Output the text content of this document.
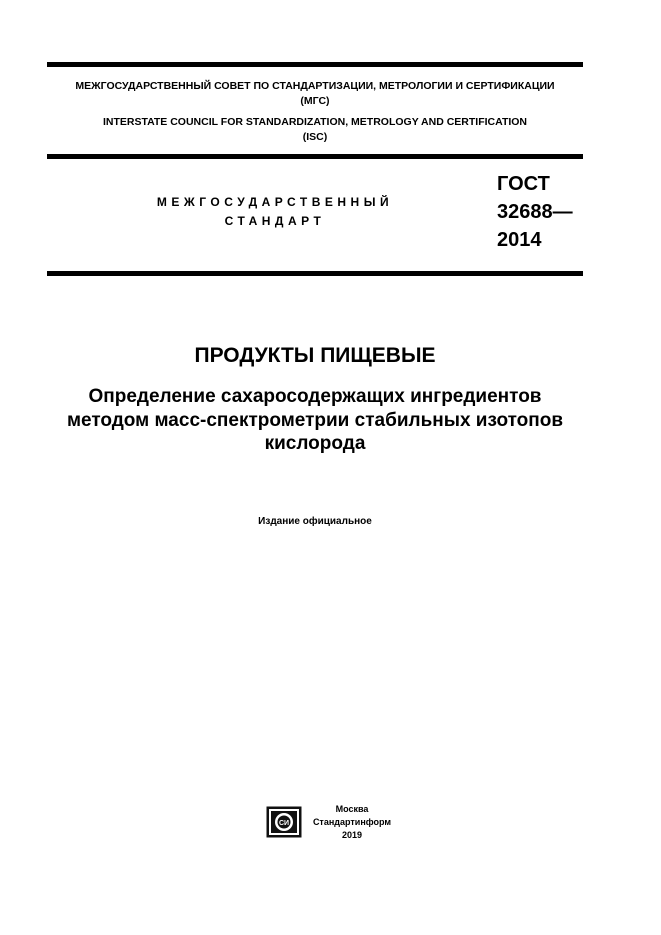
МЕЖГОСУДАРСТВЕННЫЙ СОВЕТ ПО СТАНДАРТИЗАЦИИ, МЕТРОЛОГИИ И СЕРТИФИКАЦИИ
(МГС)
INTERSTATE COUNCIL FOR STANDARDIZATION, METROLOGY AND CERTIFICATION
(ISC)
МЕЖГОСУДАРСТВЕННЫЙ
СТАНДАРТ
ГОСТ
32688—
2014
ПРОДУКТЫ ПИЩЕВЫЕ
Определение сахаросодержащих ингредиентов
методом масс-спектрометрии стабильных изотопов
кислорода
Издание официальное
СИ
Москва
Стандартинформ
2019
